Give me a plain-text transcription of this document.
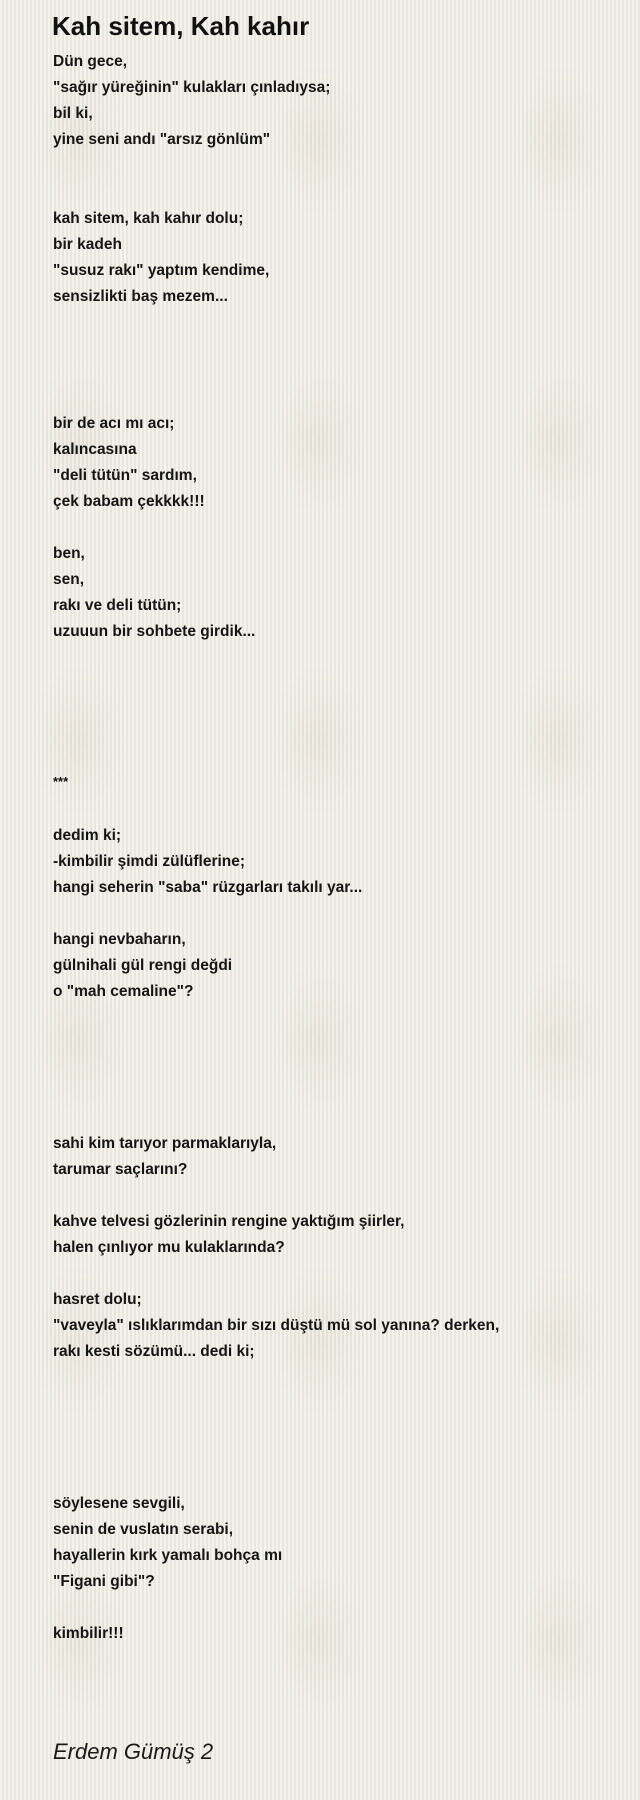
Kah sitem, Kah kahır
Dün gece,
"sağır yüreğinin" kulakları çınladıysa;
bil ki,
yine seni andı "arsız gönlüm"
kah sitem, kah kahır dolu;
bir kadeh
"susuz rakı" yaptım kendime,
sensizlikti baş mezem...
bir de acı mı acı;
kalıncasına
"deli tütün" sardım,
çek babam çekkkk!!!
ben,
sen,
rakı ve deli tütün;
uzuuun bir sohbete girdik...
***
dedim ki;
-kimbilir şimdi zülüflerine;
hangi seherin "saba" rüzgarları takılı yar...
hangi nevbaharın,
gülnihali gül rengi değdi
o "mah cemaline"?
sahi kim tarıyor parmaklarıyla,
tarumar saçlarını?
kahve telvesi gözlerinin rengine yaktığım şiirler,
halen çınlıyor mu kulaklarında?
hasret dolu;
"vaveyla" ıslıklarımdan bir sızı düştü mü sol yanına? derken,
rakı kesti sözümü... dedi ki;
söylesene sevgili,
senin de vuslatın serabi,
hayallerin kırk yamalı bohça mı
"Figani gibi"?
kimbilir!!!
Erdem Gümüş 2
